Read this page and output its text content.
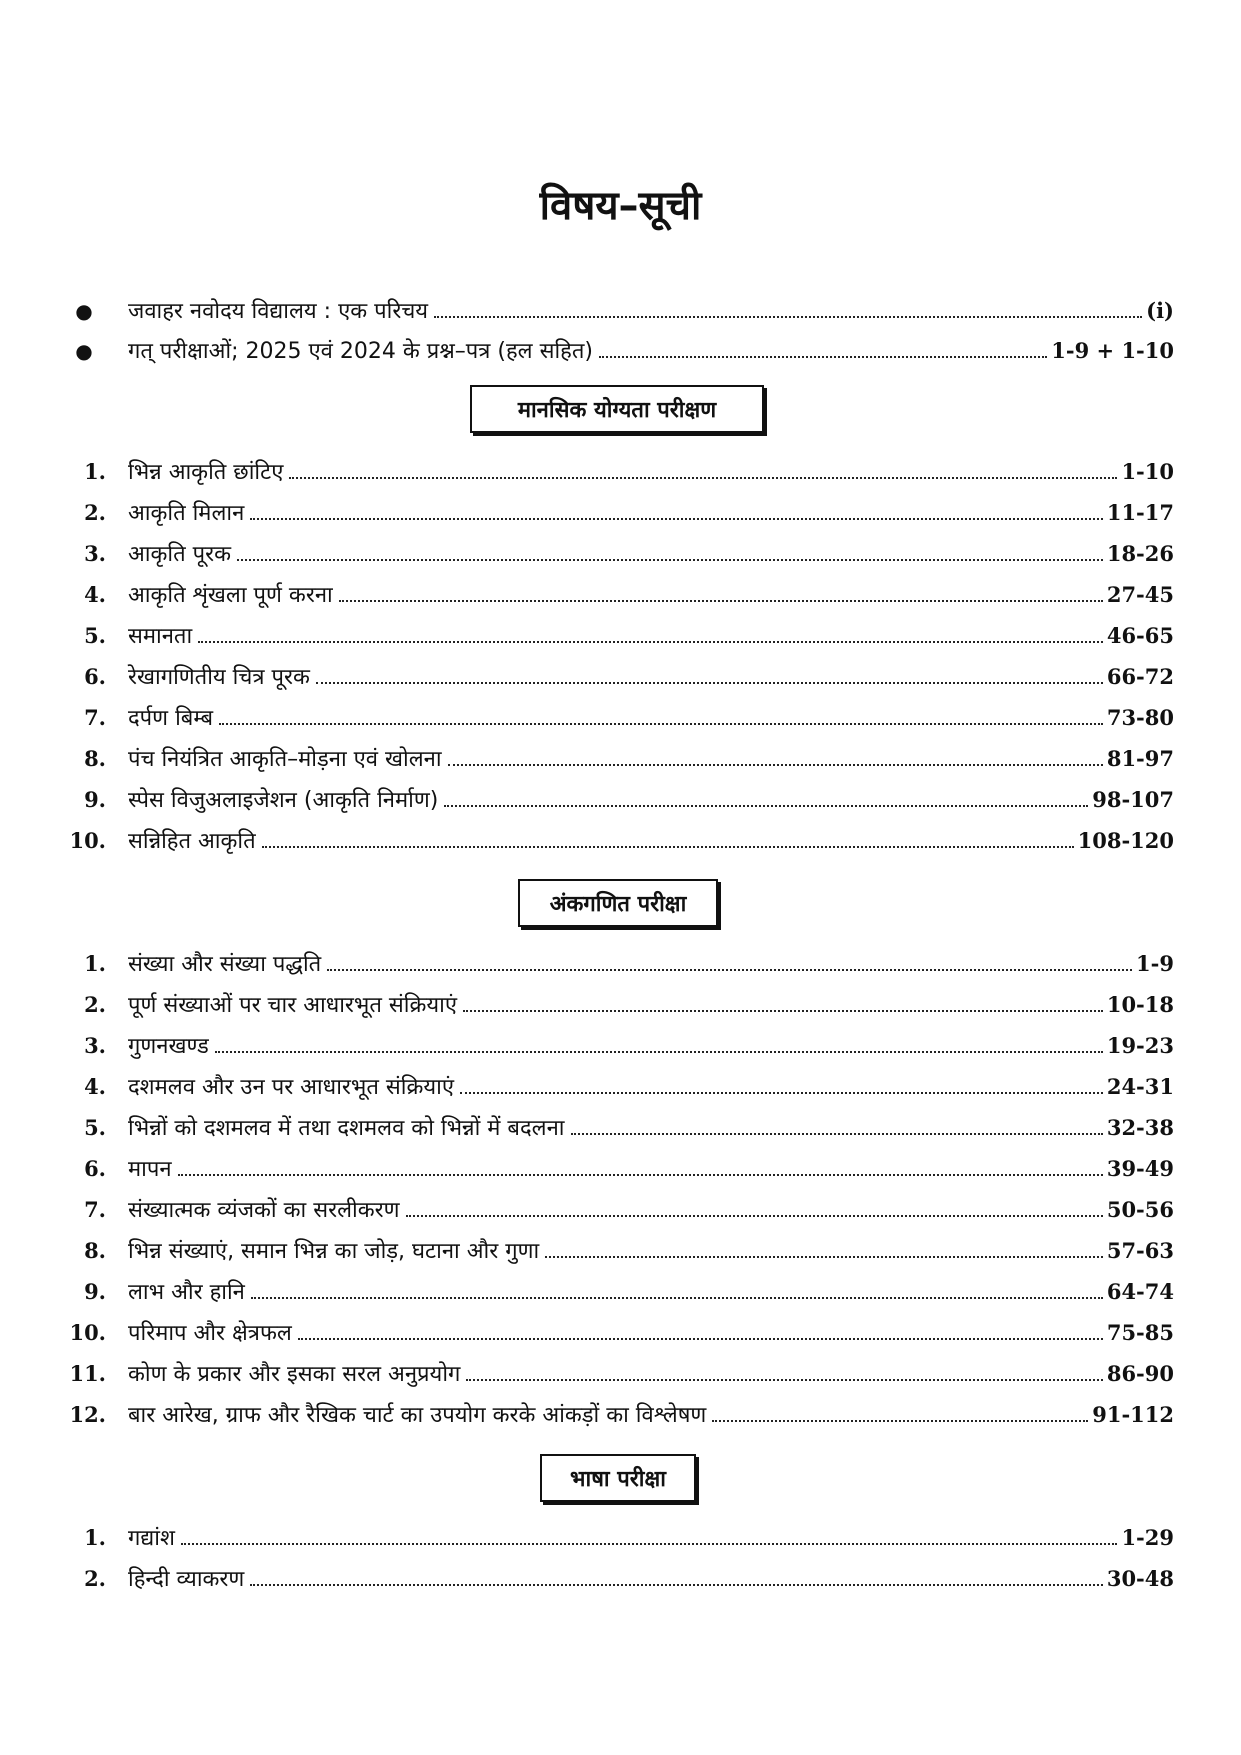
विषय–सूची
●	जवाहर नवोदय विद्यालय : एक परिचय	(i)
●	गत् परीक्षाओं; 2025 एवं 2024 के प्रश्न–पत्र (हल सहित)	1-9 + 1-10
मानसिक योग्यता परीक्षण
1. भिन्न आकृति छांटिए	1-10
2. आकृति मिलान	11-17
3. आकृति पूरक	18-26
4. आकृति शृंखला पूर्ण करना	27-45
5. समानता	46-65
6. रेखागणितीय चित्र पूरक	66-72
7. दर्पण बिम्ब	73-80
8. पंच नियंत्रित आकृति–मोड़ना एवं खोलना	81-97
9. स्पेस विजुअलाइजेशन (आकृति निर्माण)	98-107
10. सन्निहित आकृति	108-120
अंकगणित परीक्षा
1. संख्या और संख्या पद्धति	1-9
2. पूर्ण संख्याओं पर चार आधारभूत संक्रियाएं	10-18
3. गुणनखण्ड	19-23
4. दशमलव और उन पर आधारभूत संक्रियाएं	24-31
5. भिन्नों को दशमलव में तथा दशमलव को भिन्नों में बदलना	32-38
6. मापन	39-49
7. संख्यात्मक व्यंजकों का सरलीकरण	50-56
8. भिन्न संख्याएं, समान भिन्न का जोड़, घटाना और गुणा	57-63
9. लाभ और हानि	64-74
10. परिमाप और क्षेत्रफल	75-85
11. कोण के प्रकार और इसका सरल अनुप्रयोग	86-90
12. बार आरेख, ग्राफ और रैखिक चार्ट का उपयोग करके आंकड़ों का विश्लेषण	91-112
भाषा परीक्षा
1. गद्यांश	1-29
2. हिन्दी व्याकरण	30-48
